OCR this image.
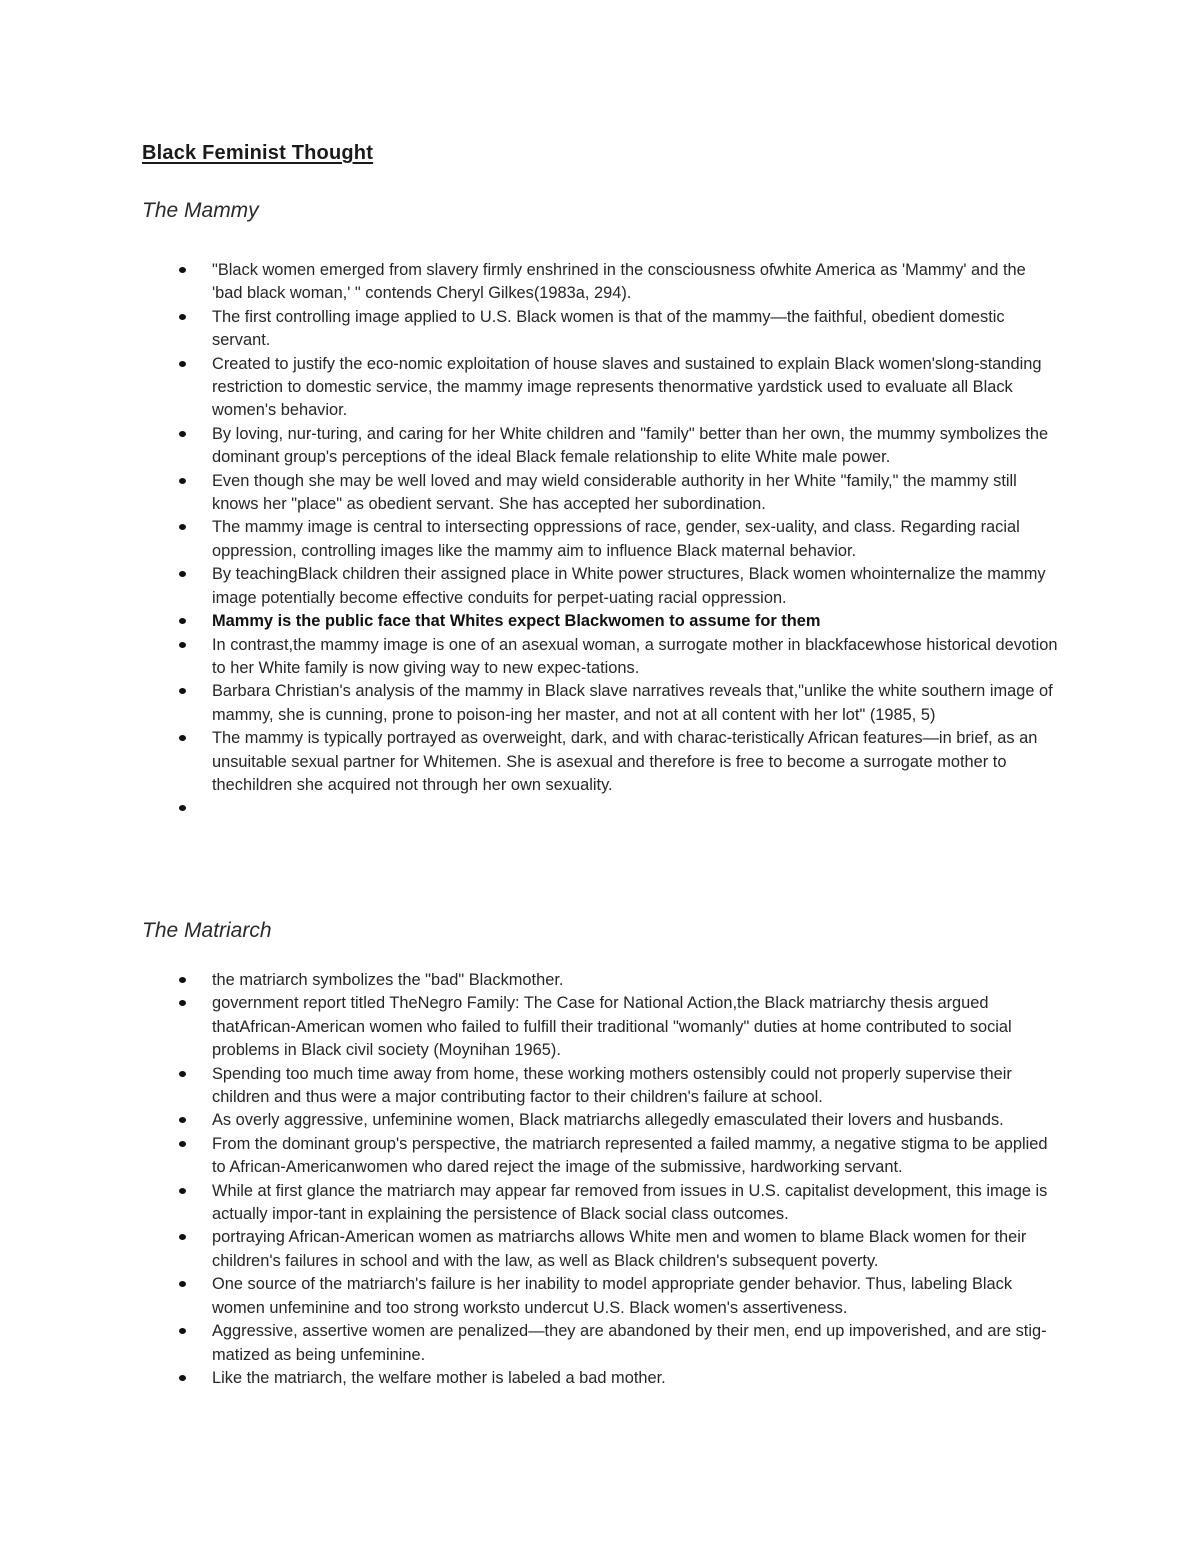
Black Feminist Thought
The Mammy
"Black women emerged from slavery firmly enshrined in the consciousness ofwhite America as 'Mammy' and the 'bad black woman,' " contends Cheryl Gilkes(1983a, 294).
The first controlling image applied to U.S. Black women is that of the mammy—the faithful, obedient domestic servant.
Created to justify the eco-nomic exploitation of house slaves and sustained to explain Black women'slong-standing restriction to domestic service, the mammy image represents thenormative yardstick used to evaluate all Black women's behavior.
By loving, nur-turing, and caring for her White children and "family" better than her own, the mummy symbolizes the dominant group's perceptions of the ideal Black female relationship to elite White male power.
Even though she may be well loved and may wield considerable authority in her White "family," the mammy still knows her "place" as obedient servant. She has accepted her subordination.
The mammy image is central to intersecting oppressions of race, gender, sex-uality, and class. Regarding racial oppression, controlling images like the mammy aim to influence Black maternal behavior.
By teachingBlack children their assigned place in White power structures, Black women whointernalize the mammy image potentially become effective conduits for perpet-uating racial oppression.
Mammy is the public face that Whites expect Blackwomen to assume for them
In contrast,the mammy image is one of an asexual woman, a surrogate mother in blackfacewhose historical devotion to her White family is now giving way to new expec-tations.
Barbara Christian's analysis of the mammy in Black slave narratives reveals that,"unlike the white southern image of mammy, she is cunning, prone to poison-ing her master, and not at all content with her lot" (1985, 5)
The mammy is typically portrayed as overweight, dark, and with charac-teristically African features—in brief, as an unsuitable sexual partner for Whitemen. She is asexual and therefore is free to become a surrogate mother to thechildren she acquired not through her own sexuality.
The Matriarch
the matriarch symbolizes the "bad" Blackmother.
government report titled TheNegro Family: The Case for National Action,the Black matriarchy thesis argued thatAfrican-American women who failed to fulfill their traditional "womanly" duties at home contributed to social problems in Black civil society (Moynihan 1965).
Spending too much time away from home, these working mothers ostensibly could not properly supervise their children and thus were a major contributing factor to their children's failure at school.
As overly aggressive, unfeminine women, Black matriarchs allegedly emasculated their lovers and husbands.
From the dominant group's perspective, the matriarch represented a failed mammy, a negative stigma to be applied to African-Americanwomen who dared reject the image of the submissive, hardworking servant.
While at first glance the matriarch may appear far removed from issues in U.S. capitalist development, this image is actually impor-tant in explaining the persistence of Black social class outcomes.
portraying African-American women as matriarchs allows White men and women to blame Black women for their children's failures in school and with the law, as well as Black children's subsequent poverty.
One source of the matriarch's failure is her inability to model appropriate gender behavior. Thus, labeling Black women unfeminine and too strong worksto undercut U.S. Black women's assertiveness.
Aggressive, assertive women are penalized—they are abandoned by their men, end up impoverished, and are stig-matized as being unfeminine.
Like the matriarch, the welfare mother is labeled a bad mother.
